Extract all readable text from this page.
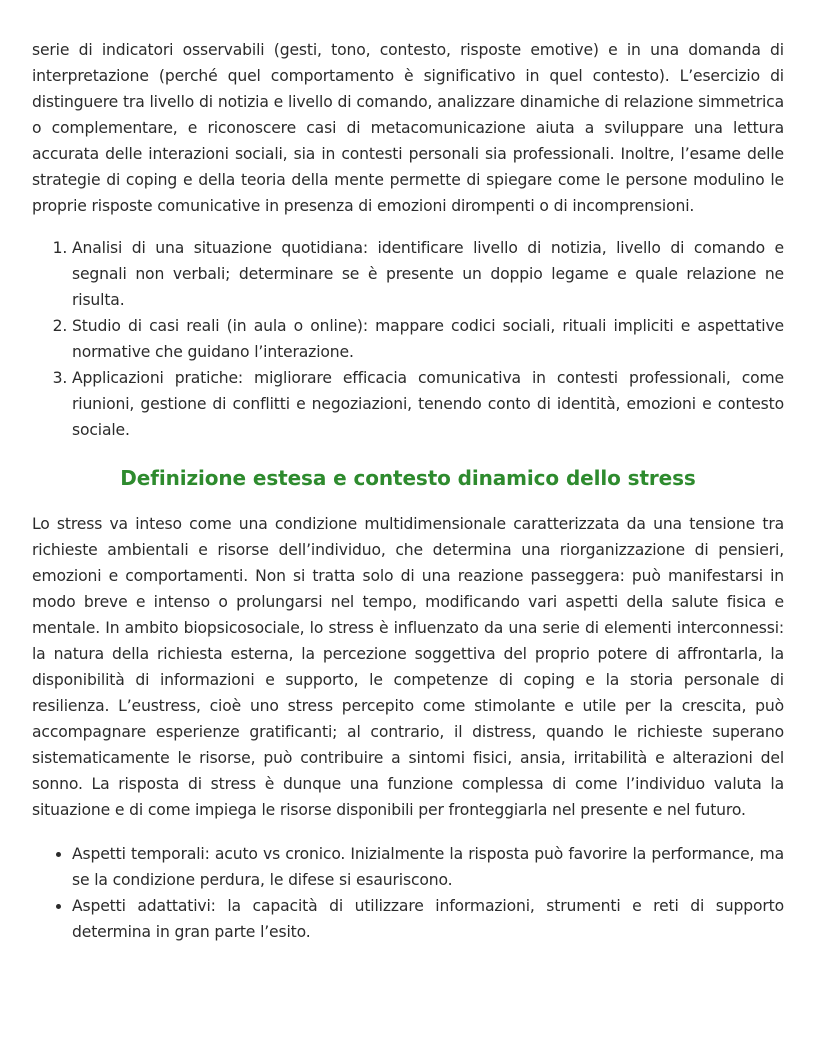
serie di indicatori osservabili (gesti, tono, contesto, risposte emotive) e in una domanda di interpretazione (perché quel comportamento è significativo in quel contesto). L’esercizio di distinguere tra livello di notizia e livello di comando, analizzare dinamiche di relazione simmetrica o complementare, e riconoscere casi di metacomunicazione aiuta a sviluppare una lettura accurata delle interazioni sociali, sia in contesti personali sia professionali. Inoltre, l’esame delle strategie di coping e della teoria della mente permette di spiegare come le persone modulino le proprie risposte comunicative in presenza di emozioni dirompenti o di incomprensioni.

1. Analisi di una situazione quotidiana: identificare livello di notizia, livello di comando e segnali non verbali; determinare se è presente un doppio legame e quale relazione ne risulta.
2. Studio di casi reali (in aula o online): mappare codici sociali, rituali impliciti e aspettative normative che guidano l’interazione.
3. Applicazioni pratiche: migliorare efficacia comunicativa in contesti professionali, come riunioni, gestione di conflitti e negoziazioni, tenendo conto di identità, emozioni e contesto sociale.
Definizione estesa e contesto dinamico dello stress

Lo stress va inteso come una condizione multidimensionale caratterizzata da una tensione tra richieste ambientali e risorse dell’individuo, che determina una riorganizzazione di pensieri, emozioni e comportamenti. Non si tratta solo di una reazione passeggera: può manifestarsi in modo breve e intenso o prolungarsi nel tempo, modificando vari aspetti della salute fisica e mentale. In ambito biopsicosociale, lo stress è influenzato da una serie di elementi interconnessi: la natura della richiesta esterna, la percezione soggettiva del proprio potere di affrontarla, la disponibilità di informazioni e supporto, le competenze di coping e la storia personale di resilienza. L’eustress, cioè uno stress percepito come stimolante e utile per la crescita, può accompagnare esperienze gratificanti; al contrario, il distress, quando le richieste superano sistematicamente le risorse, può contribuire a sintomi fisici, ansia, irritabilità e alterazioni del sonno. La risposta di stress è dunque una funzione complessa di come l’individuo valuta la situazione e di come impiega le risorse disponibili per fronteggiarla nel presente e nel futuro.

• Aspetti temporali: acuto vs cronico. Inizialmente la risposta può favorire la performance, ma se la condizione perdura, le difese si esauriscono.
• Aspetti adattativi: la capacità di utilizzare informazioni, strumenti e reti di supporto determina in gran parte l’esito.
